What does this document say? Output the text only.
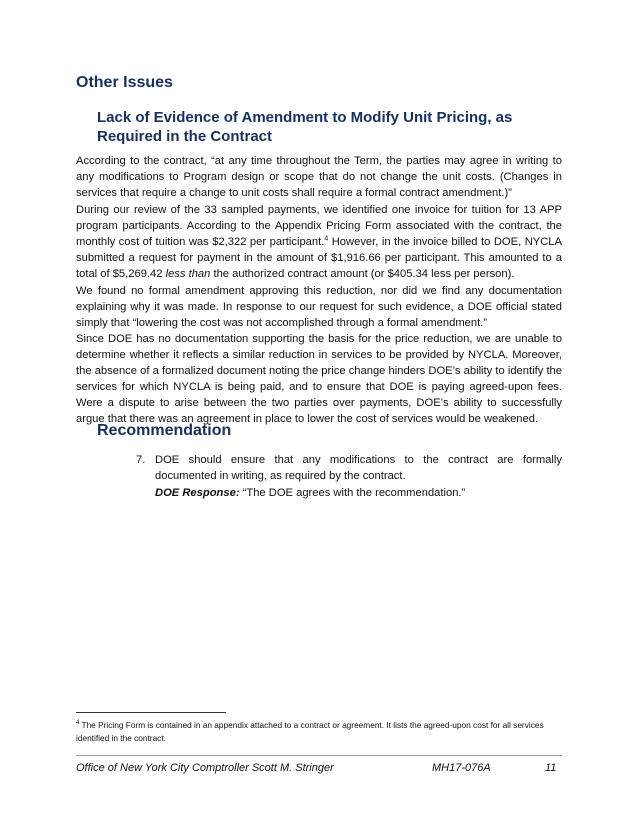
Other Issues
Lack of Evidence of Amendment to Modify Unit Pricing, as Required in the Contract

According to the contract, “at any time throughout the Term, the parties may agree in writing to any modifications to Program design or scope that do not change the unit costs. (Changes in services that require a change to unit costs shall require a formal contract amendment.)”

During our review of the 33 sampled payments, we identified one invoice for tuition for 13 APP program participants. According to the Appendix Pricing Form associated with the contract, the monthly cost of tuition was $2,322 per participant.$^4$ However, in the invoice billed to DOE, NYCLA submitted a request for payment in the amount of $1,916.66 per participant. This amounted to a total of $5,269.42 less than the authorized contract amount (or $405.34 less per person).

We found no formal amendment approving this reduction, nor did we find any documentation explaining why it was made. In response to our request for such evidence, a DOE official stated simply that “lowering the cost was not accomplished through a formal amendment.”

Since DOE has no documentation supporting the basis for the price reduction, we are unable to determine whether it reflects a similar reduction in services to be provided by NYCLA. Moreover, the absence of a formalized document noting the price change hinders DOE’s ability to identify the services for which NYCLA is being paid, and to ensure that DOE is paying agreed-upon fees. Were a dispute to arise between the two parties over payments, DOE’s ability to successfully argue that there was an agreement in place to lower the cost of services would be weakened.

Recommendation
7. DOE should ensure that any modifications to the contract are formally documented in writing, as required by the contract.

DOE Response: “The DOE agrees with the recommendation.”

$^4$ The Pricing Form is contained in an appendix attached to a contract or agreement. It lists the agreed-upon cost for all services identified in the contract.

Office of New York City Comptroller Scott M. Stringer	MH17-076A	11
